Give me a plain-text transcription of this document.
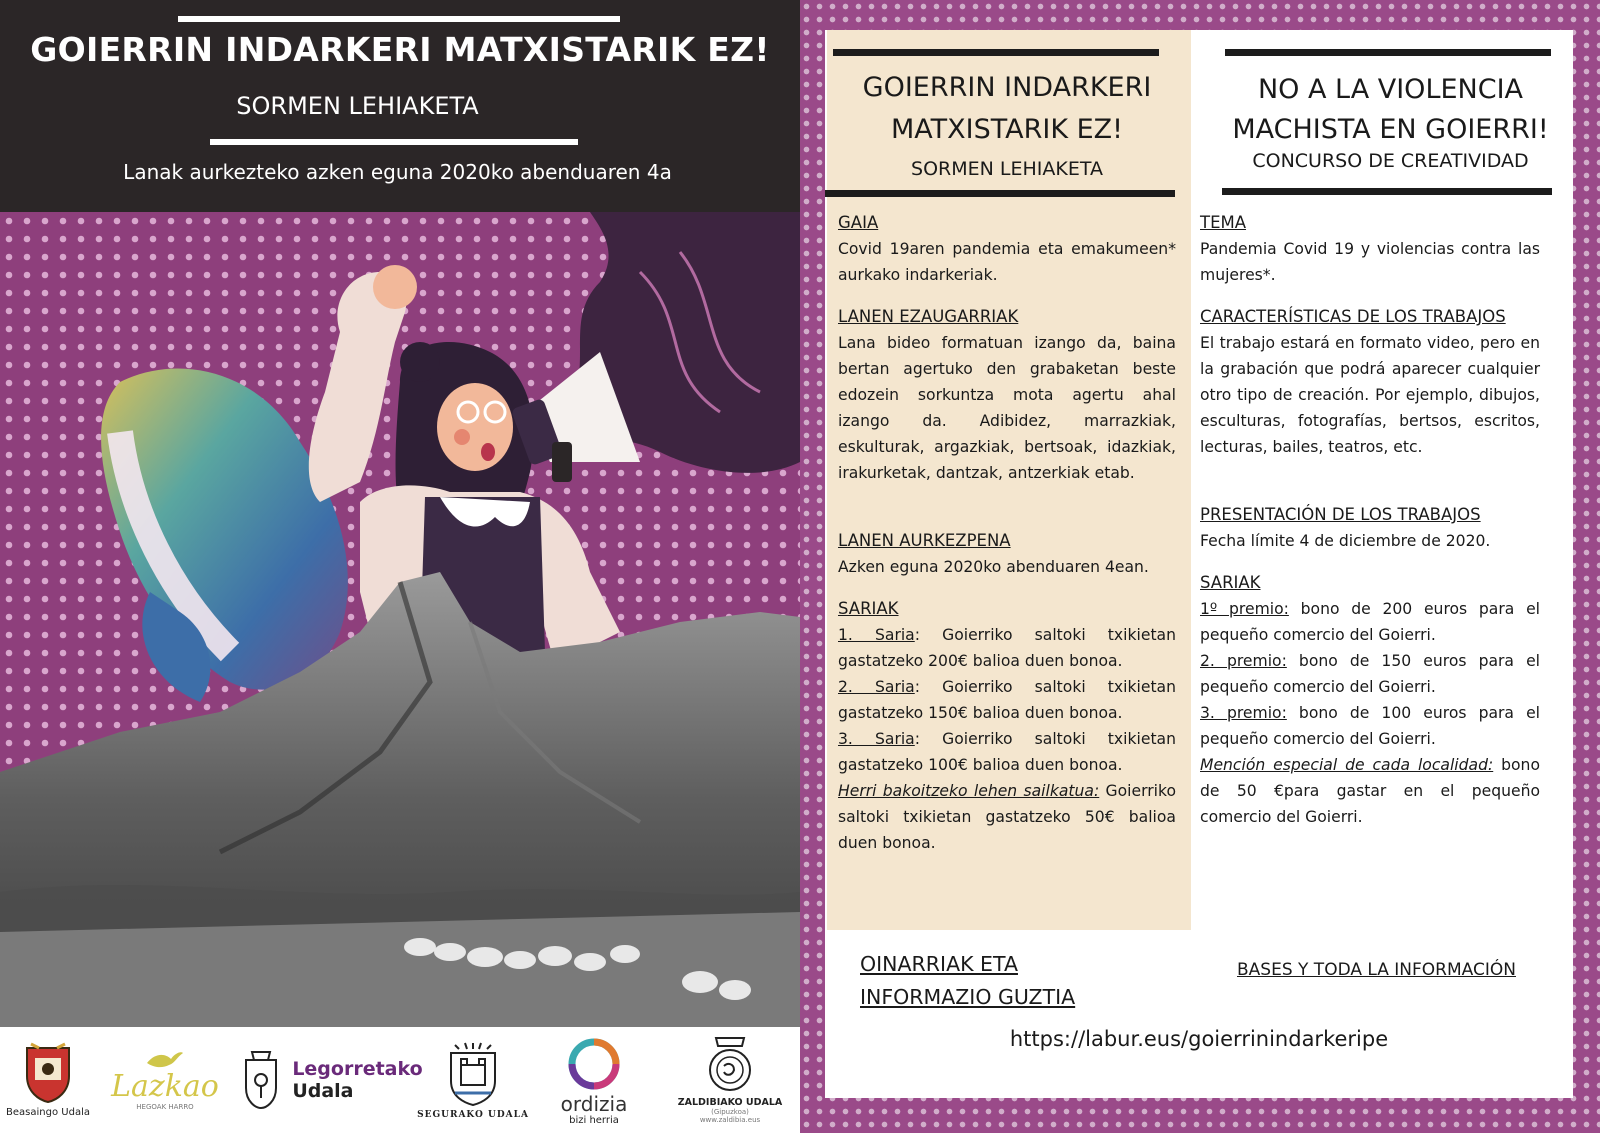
GOIERRIN INDARKERI MATXISTARIK EZ!
SORMEN LEHIAKETA
Lanak aurkezteko azken eguna 2020ko abenduaren 4a
Beasaingo Udala
Lazkao
HEGOAK HARRO
Legorretako
Udala
SEGURAKO UDALA ordizia
bizi herria
ZALDIBIAKO UDALA
(Gipuzkoa)
www.zaldibia.eus
GOIERRIN INDARKERI
MATXISTARIK EZ!
SORMEN LEHIAKETA
NO A LA VIOLENCIA
MACHISTA EN GOIERRI!
CONCURSO DE CREATIVIDAD
GAIA

Covid 19aren pandemia eta emakumeen* aurkako indarkeriak.

LANEN EZAUGARRIAK

Lana bideo formatuan izango da, baina bertan agertuko den grabaketan beste edozein sorkuntza mota agertu ahal izango da. Adibidez, marrazkiak, eskulturak, argazkiak, bertsoak, idazkiak, irakurketak, dantzak, antzerkiak etab.

LANEN AURKEZPENA

Azken eguna 2020ko abenduaren 4ean.

SARIAK

1. Saria: Goierriko saltoki txikietan gastatzeko 200€ balioa duen bonoa.

2. Saria: Goierriko saltoki txikietan gastatzeko 150€ balioa duen bonoa.

3. Saria: Goierriko saltoki txikietan gastatzeko 100€ balioa duen bonoa.

Herri bakoitzeko lehen sailkatua: Goierriko saltoki txikietan gastatzeko 50€ balioa duen bonoa.

TEMA

Pandemia Covid 19 y violencias contra las mujeres*.

CARACTERÍSTICAS DE LOS TRABAJOS

El trabajo estará en formato video, pero en la grabación que podrá aparecer cualquier otro tipo de creación. Por ejemplo, dibujos, esculturas, fotografías, bertsos, escritos, lecturas, bailes, teatros, etc.

PRESENTACIÓN DE LOS TRABAJOS

Fecha límite 4 de diciembre de 2020.

SARIAK

1º premio: bono de 200 euros para el pequeño comercio del Goierri.

2. premio: bono de 150 euros para el pequeño comercio del Goierri.

3. premio: bono de 100 euros para el pequeño comercio del Goierri.

Mención especial de cada localidad: bono de 50 €para gastar en el pequeño comercio del Goierri.

OINARRIAK ETA
INFORMAZIO GUZTIA
BASES Y TODA LA INFORMACIÓN
https://labur.eus/goierrinindarkeripe
